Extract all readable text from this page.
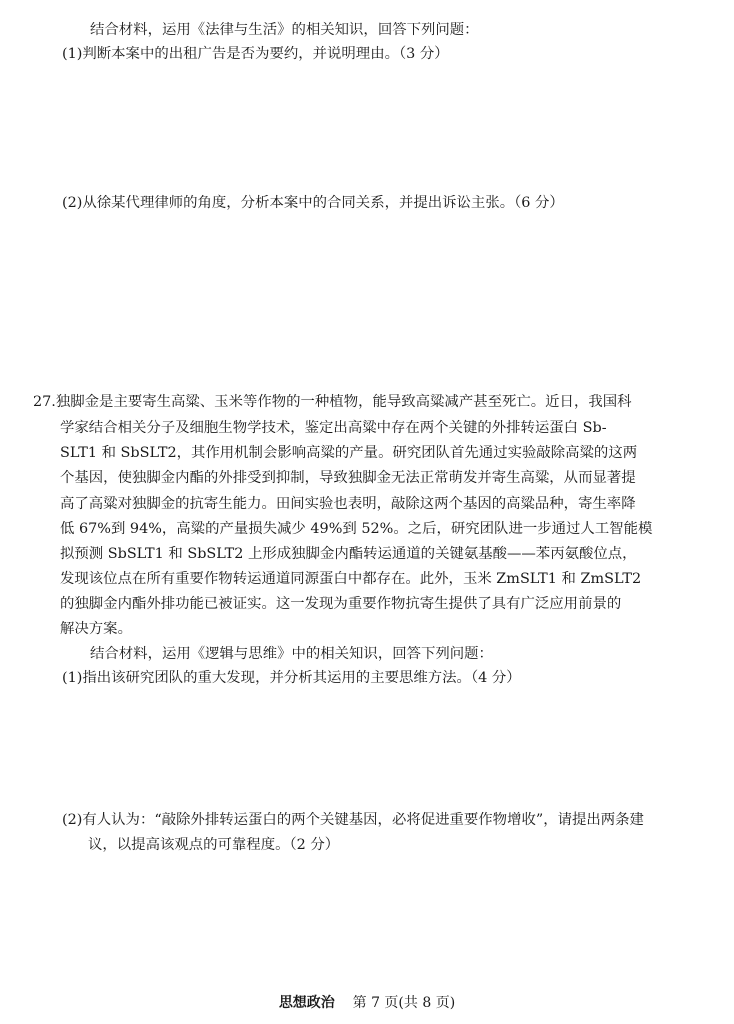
结合材料，运用《法律与生活》的相关知识，回答下列问题：
(1)判断本案中的出租广告是否为要约，并说明理由。（3 分）
(2)从徐某代理律师的角度，分析本案中的合同关系，并提出诉讼主张。（6 分）
27.独脚金是主要寄生高粱、玉米等作物的一种植物，能导致高粱减产甚至死亡。近日，我国科
学家结合相关分子及细胞生物学技术，鉴定出高粱中存在两个关键的外排转运蛋白 Sb-
SLT1 和 SbSLT2，其作用机制会影响高粱的产量。研究团队首先通过实验敲除高粱的这两
个基因，使独脚金内酯的外排受到抑制，导致独脚金无法正常萌发并寄生高粱，从而显著提
高了高粱对独脚金的抗寄生能力。田间实验也表明，敲除这两个基因的高粱品种，寄生率降
低 67%到 94%，高粱的产量损失减少 49%到 52%。之后，研究团队进一步通过人工智能模
拟预测 SbSLT1 和 SbSLT2 上形成独脚金内酯转运通道的关键氨基酸——苯丙氨酸位点，
发现该位点在所有重要作物转运通道同源蛋白中都存在。此外，玉米 ZmSLT1 和 ZmSLT2
的独脚金内酯外排功能已被证实。这一发现为重要作物抗寄生提供了具有广泛应用前景的
解决方案。
结合材料，运用《逻辑与思维》中的相关知识，回答下列问题：
(1)指出该研究团队的重大发现，并分析其运用的主要思维方法。（4 分）
(2)有人认为：“敲除外排转运蛋白的两个关键基因，必将促进重要作物增收”，请提出两条建
议，以提高该观点的可靠程度。（2 分）
思想政治 第 7 页(共 8 页)
